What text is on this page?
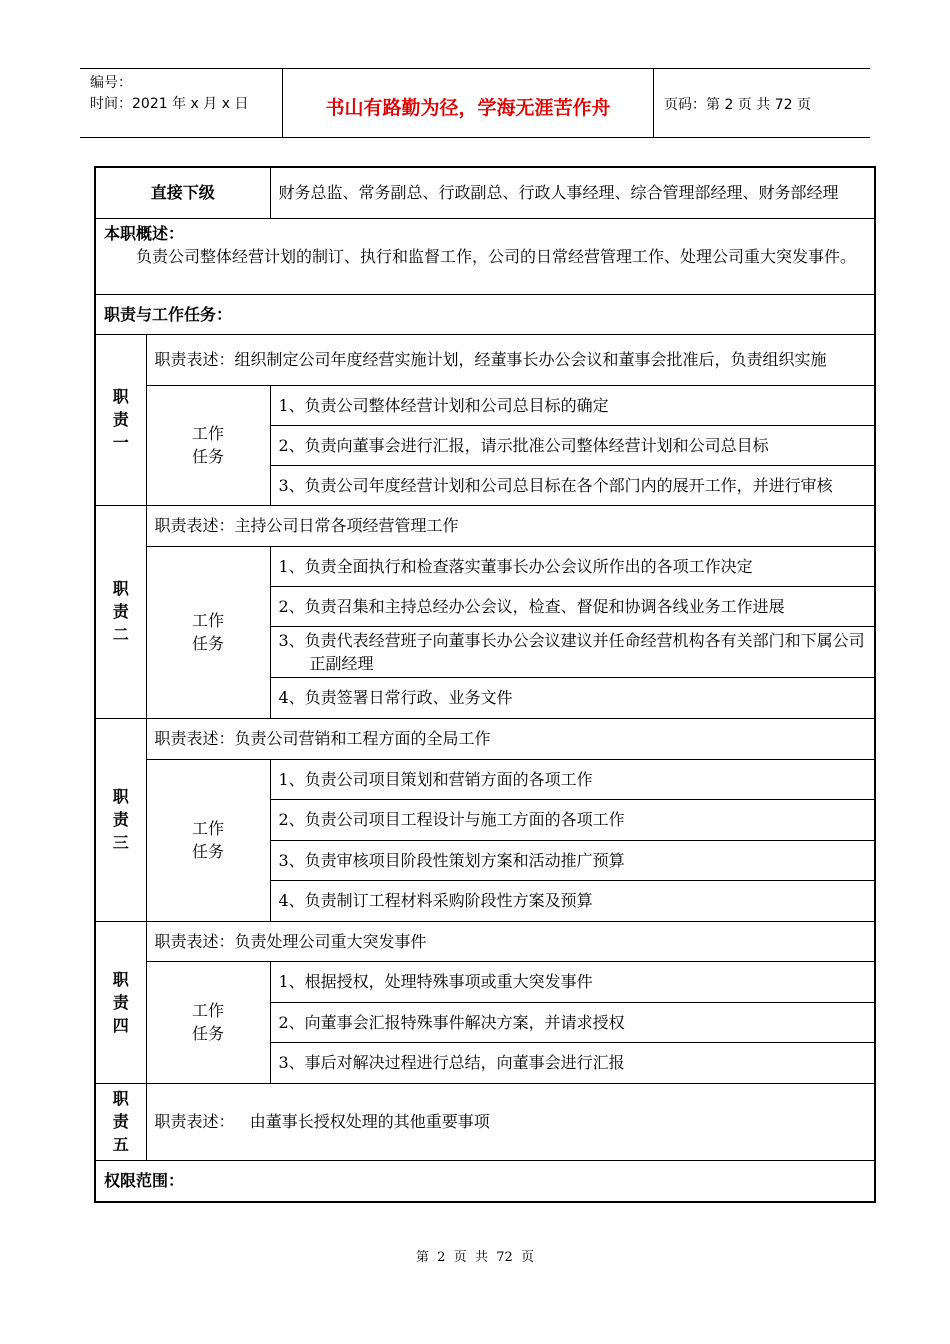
编号：
时间：2021 年 x 月 x 日	书山有路勤为径，学海无涯苦作舟	页码：第 2 页 共 72 页
直接下级		财务总监、常务副总、行政副总、行政人事经理、综合管理部经理、财务部经理

本职概述：
负责公司整体经营计划的制订、执行和监督工作，公司的日常经营管理工作、处理公司重大突发事件。		

职责与工作任务：		
职责一	职责表述：组织制定公司年度经营实施计划，经董事长办公会议和董事会批准后，负责组织实施	
	工作任务	1、负责公司整体经营计划和公司总目标的确定
		2、负责向董事会进行汇报，请示批准公司整体经营计划和公司总目标
		3、负责公司年度经营计划和公司总目标在各个部门内的展开工作，并进行审核
职责二	职责表述：主持公司日常各项经营管理工作	
	工作任务	1、负责全面执行和检查落实董事长办公会议所作出的各项工作决定
		2、负责召集和主持总经办公会议，检查、督促和协调各线业务工作进展
		3、负责代表经营班子向董事长办公会议建议并任命经营机构各有关部门和下属公司正副经理
		4、负责签署日常行政、业务文件
职责三	职责表述：负责公司营销和工程方面的全局工作	
	工作任务	1、负责公司项目策划和营销方面的各项工作
		2、负责公司项目工程设计与施工方面的各项工作
		3、负责审核项目阶段性策划方案和活动推广预算
		4、负责制订工程材料采购阶段性方案及预算
职责四	职责表述：负责处理公司重大突发事件	
	工作任务	1、根据授权，处理特殊事项或重大突发事件
		2、向董事会汇报特殊事件解决方案，并请求授权
		3、事后对解决过程进行总结，向董事会进行汇报
职责五	职责表述：   由董事长授权处理的其他重要事项	
权限范围：		
第  2  页  共  72  页
